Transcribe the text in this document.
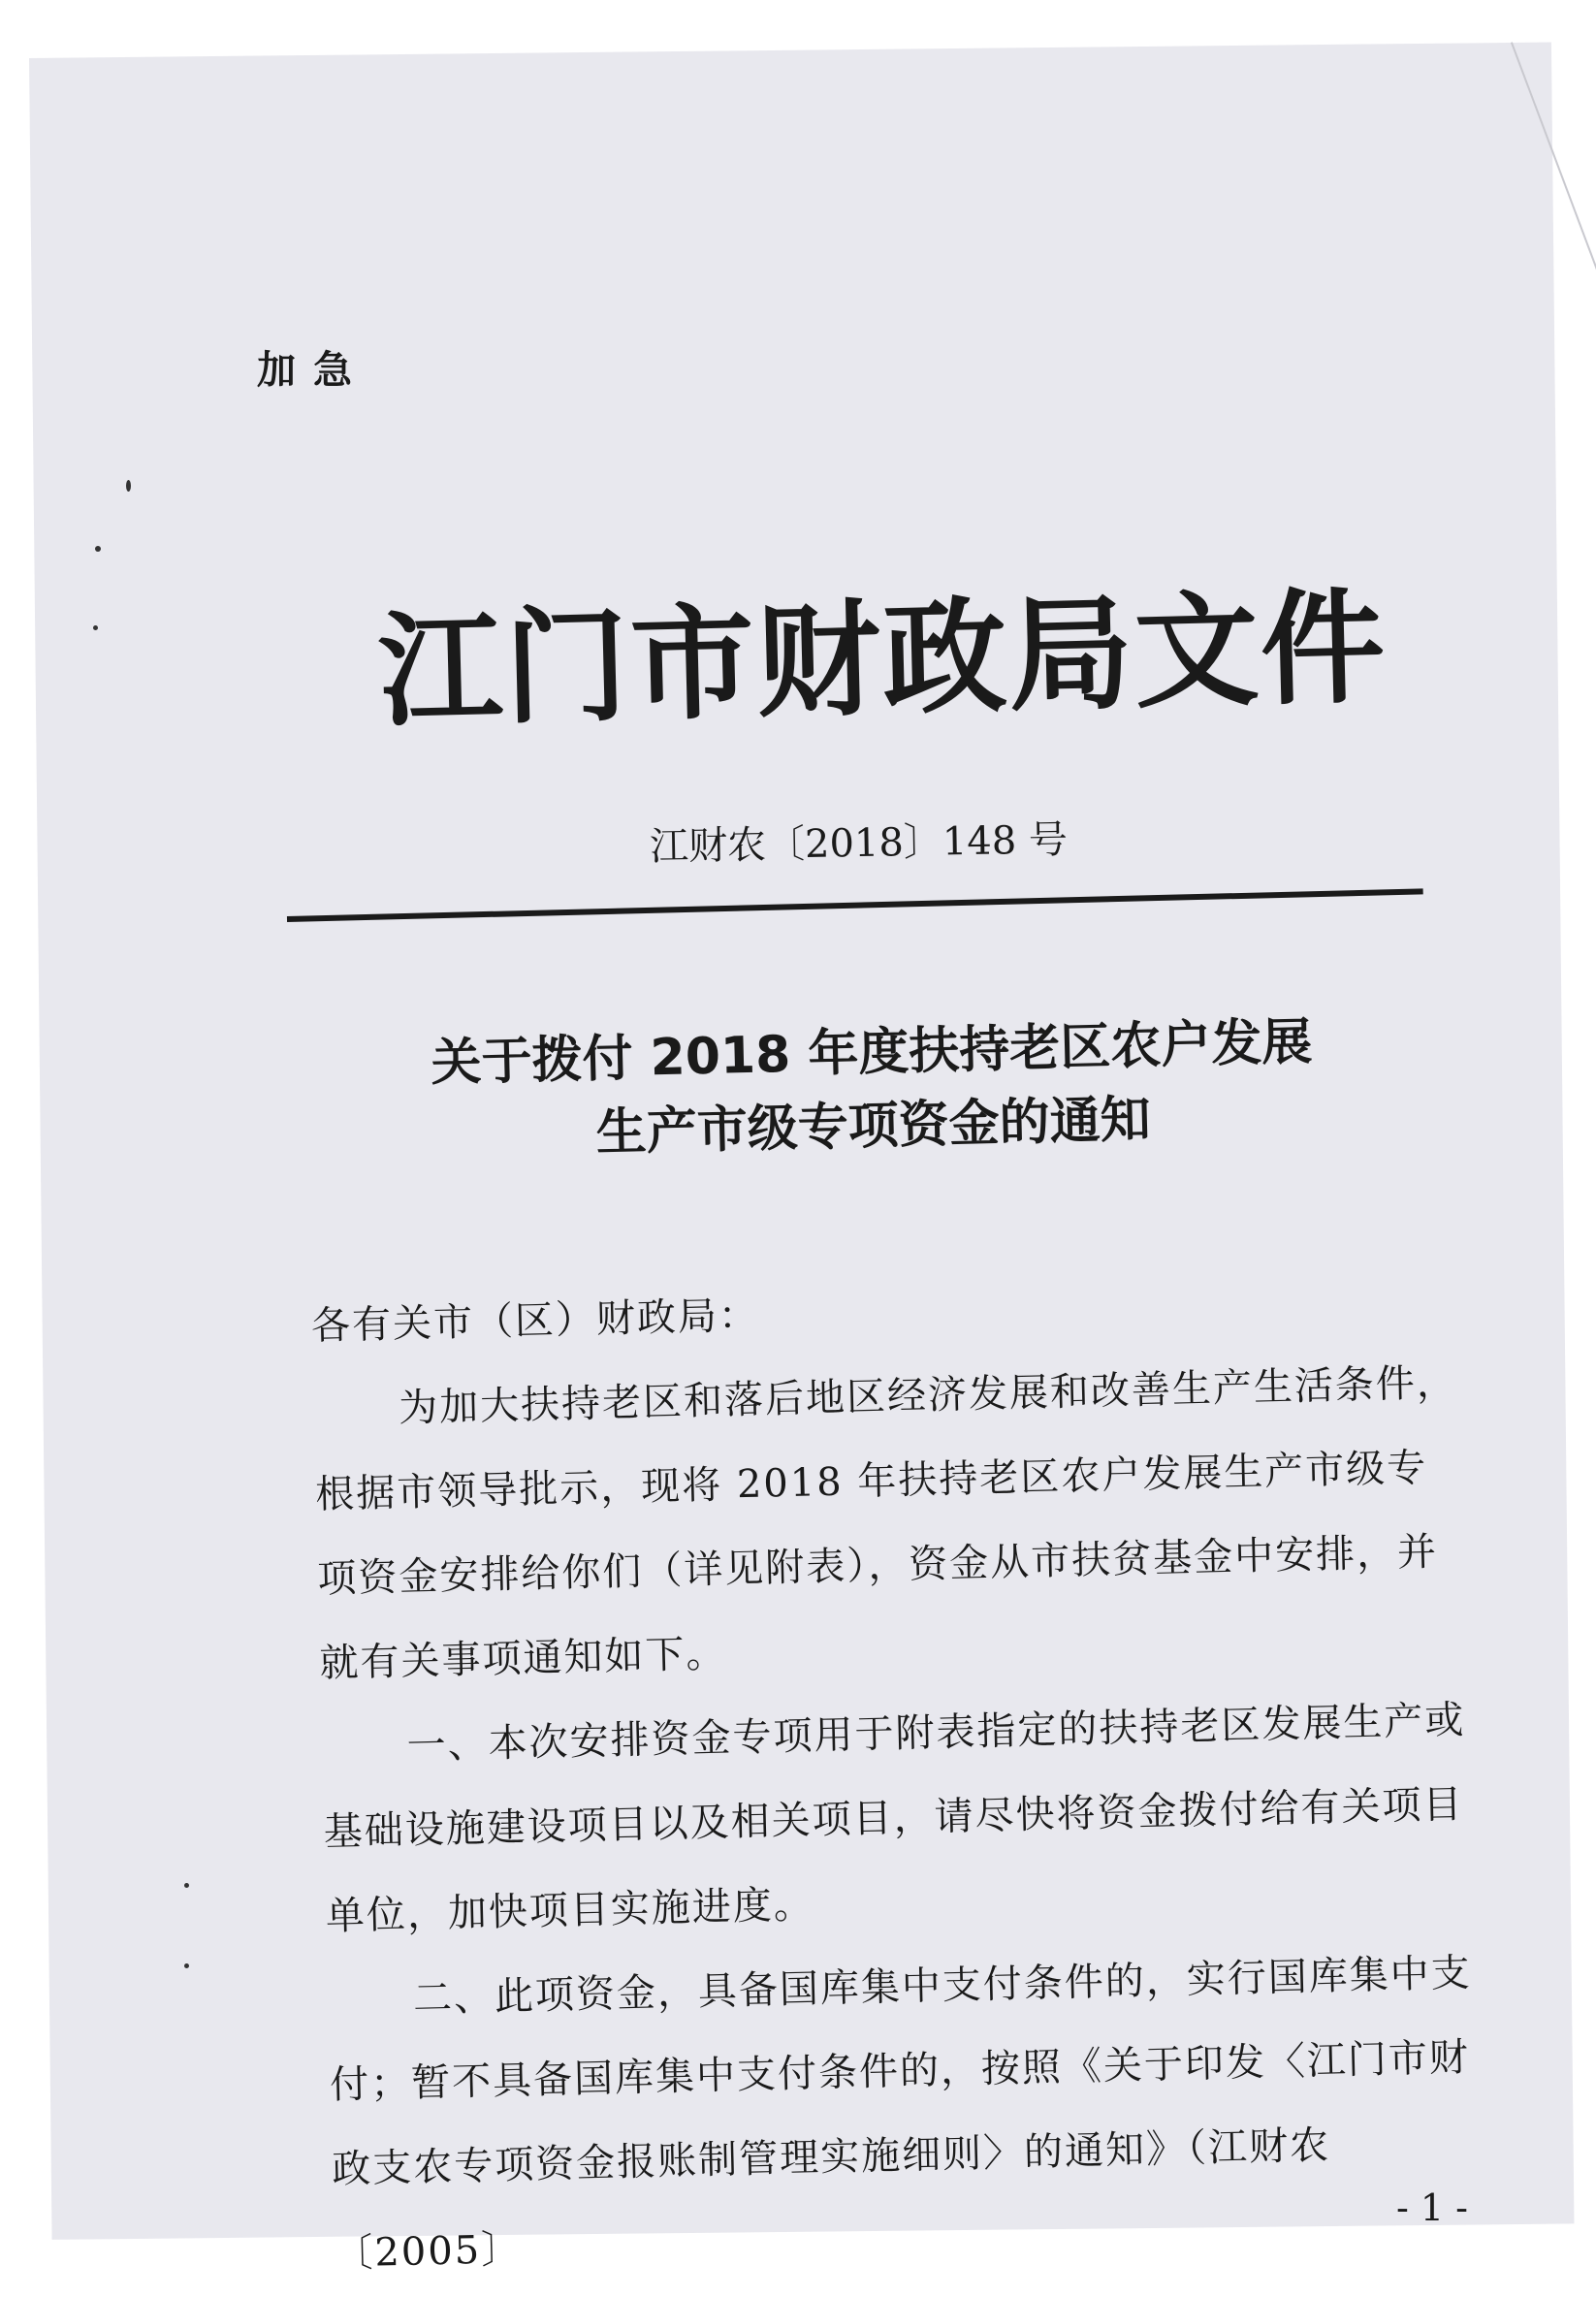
加急
江门市财政局文件
江财农〔2018〕148 号
关于拨付 2018 年度扶持老区农户发展
生产市级专项资金的通知

各有关市（区）财政局：

为加大扶持老区和落后地区经济发展和改善生产生活条件，根据市领导批示，现将 2018 年扶持老区农户发展生产市级专项资金安排给你们（详见附表），资金从市扶贫基金中安排，并就有关事项通知如下。

一、本次安排资金专项用于附表指定的扶持老区发展生产或基础设施建设项目以及相关项目，请尽快将资金拨付给有关项目单位，加快项目实施进度。

二、此项资金，具备国库集中支付条件的，实行国库集中支付；暂不具备国库集中支付条件的，按照《关于印发〈江门市财政支农专项资金报账制管理实施细则〉的通知》（江财农〔2005〕

- 1 -
